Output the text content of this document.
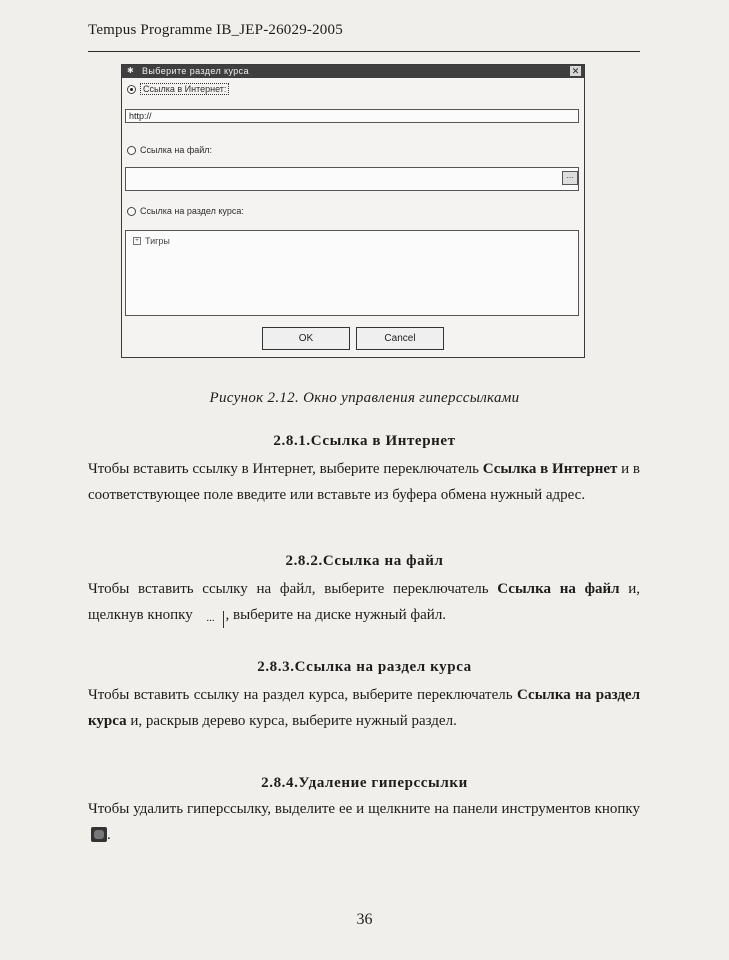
Tempus Programme IB_JEP-26029-2005
✱ Выберите раздел курса	✕
Ссылка в Интернет:
http://
Ссылка на файл:
...
Ссылка на раздел курса:
+ Тигры
OK	Cancel
Рисунок 2.12. Окно управления гиперссылками
2.8.1.Ссылка в Интернет
Чтобы вставить ссылку в Интернет, выберите переключатель Ссылка в Интернет и в соответствующее поле введите или вставьте из буфера обмена нужный адрес.
2.8.2.Ссылка на файл
Чтобы вставить ссылку на файл, выберите переключатель Ссылка на файл и, щелкнув кнопку ... , выберите на диске нужный файл.
2.8.3.Ссылка на раздел курса
Чтобы вставить ссылку на раздел курса, выберите переключатель Ссылка на раздел курса и, раскрыв дерево курса, выберите нужный раздел.
2.8.4.Удаление гиперссылки
Чтобы удалить гиперссылку, выделите ее и щелкните на панели инструментов кнопку .
36
